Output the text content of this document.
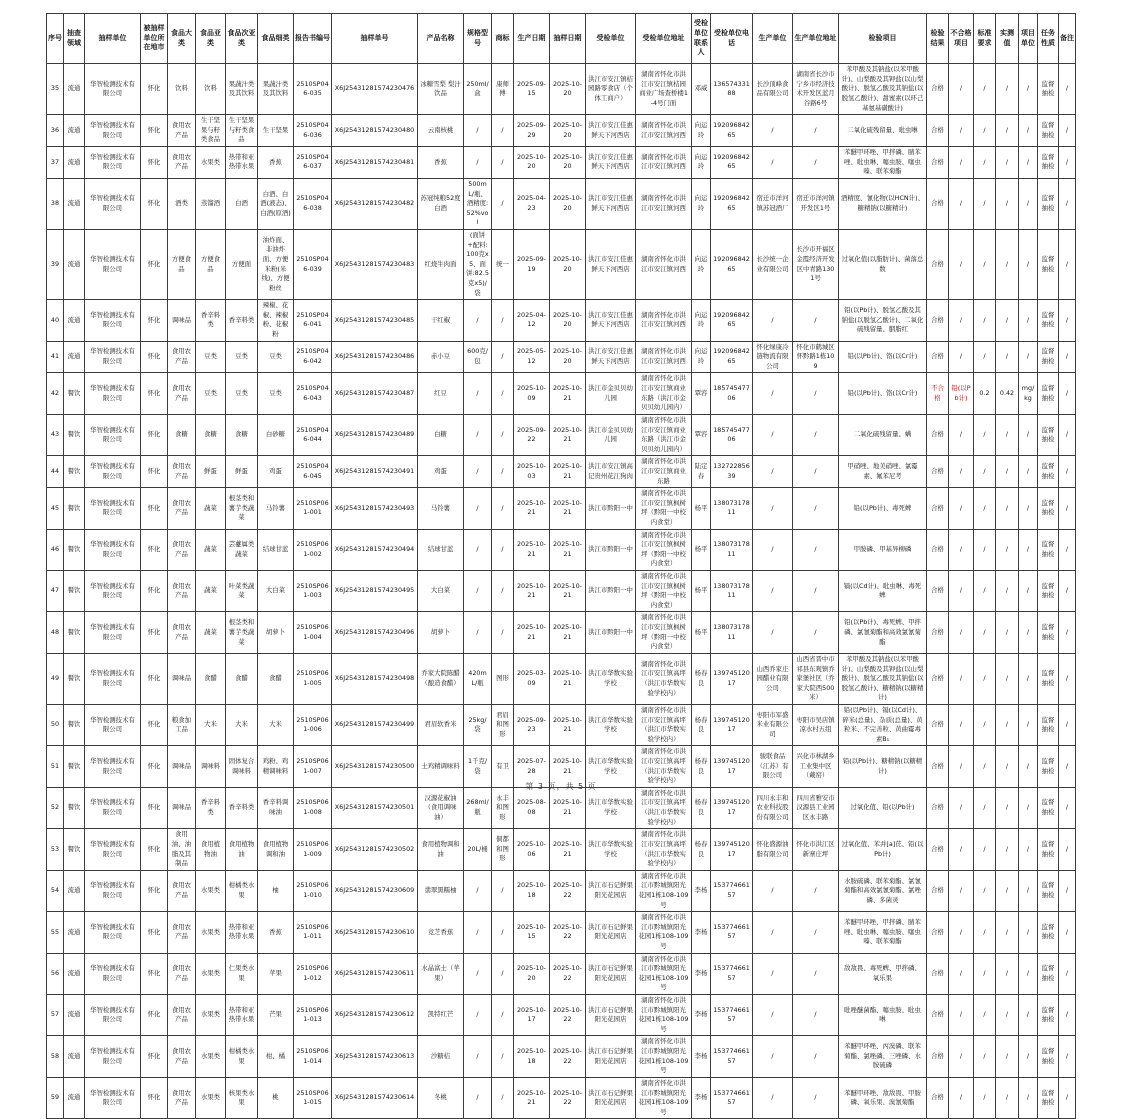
序号	抽查领域	抽样单位	被抽样单位所在地市	食品大类	食品亚类	食品次亚类	食品细类	报告书编号	抽样单号	产品名称	规格型号	商标	生产日期	抽样日期	受检单位	受检单位地址	受检单位联系人	受检单位电话	生产单位	生产单位地址	检验项目	检验结果	不合格项目	标准要求	实测值	项目单位	任务性质	备注
35	流通	华智检测技术有限公司	怀化	饮料	饮料	果蔬汁类及其饮料	果蔬汁类及其饮料	2510SP046-035	X6J25431281574230476	冰糖雪梨 梨汁饮品	250ml/盒	康师傅	2025-09-15	2025-10-20	洪江市安江镇桔园路零食店（个体工商户）	湖南省怀化市洪江市安江镇桔园商业广场查桥楼1-4号门面	邓威	13657433188	长沙顶峰食品有限公司	湖南省长沙市宁乡市经济技术开发区蓝月谷路6号	苯甲酸及其钠盐(以苯甲酸计)、山梨酸及其钾盐(以山梨酸计)、脱氢乙酸及其钠盐(以脱氢乙酸计)、甜蜜素(以环己基氨基磺酸计)	合格	/	/	/	/	监督抽检	/
36	流通	华智检测技术有限公司	怀化	食用农产品	生干坚果与籽类食品	生干坚果与籽类食品	生干坚果	2510SP046-036	X6J25431281574230480	云南核桃	/	/	2025-09-29	2025-10-20	洪江市安江佳惠鲜天下河西店	湖南省怀化市洪江市安江镇河西	向运玲	19209684265	/	/	二氧化硫残留量、吡虫啉	合格	/	/	/	/	监督抽检	/
37	流通	华智检测技术有限公司	怀化	食用农产品	水果类	热带和亚热带水果	香蕉	2510SP046-037	X6J25431281574230481	香蕉	/	/	2025-10-20	2025-10-20	洪江市安江佳惠鲜天下河西店	湖南省怀化市洪江市安江镇河西	向运玲	19209684265	/	/	苯醚甲环唑、甲拌磷、腈苯唑、吡虫啉、噻虫胺、噻虫嗪、联苯菊酯	合格	/	/	/	/	监督抽检	/
38	流通	华智检测技术有限公司	怀化	酒类	蒸馏酒	白酒	白酒、白酒(液态)、白酒(原酒)	2510SP046-038	X6J25431281574230482	苏冠纯粮52度白酒	500mL/瓶、酒精度:52%vol	/	2025-04-23	2025-10-20	洪江市安江佳惠鲜天下河西店	湖南省怀化市洪江市安江镇河西	向运玲	19209684265	宿迁市洋河镇苏冠酒厂	宿迁市洋河镇开发区1号	酒精度、氰化物(以HCN计)、糖精钠(以糖精计)	合格	/	/	/	/	监督抽检	/
39	流通	华智检测技术有限公司	怀化	方便食品	方便食品	方便面	油炸面、非油炸面、方便米粉(米线)、方便粉丝	2510SP046-039	X6J25431281574230483	红烧牛肉面	(面饼+配料:100克x5、面饼:82.5克x5)/袋	统一	2025-09-19	2025-10-20	洪江市安江佳惠鲜天下河西店	湖南省怀化市洪江市安江镇河西	向运玲	19209684265	长沙统一企业有限公司	长沙市开福区金霞经济开发区中青路1301号	过氧化值(以脂肪计)、菌落总数	合格	/	/	/	/	监督抽检	/
40	流通	华智检测技术有限公司	怀化	调味品	香辛料类	香辛料类	辣椒、花椒、辣椒粉、花椒粉	2510SP046-041	X6J25431281574230485	干红椒	/	/	2025-04-12	2025-10-20	洪江市安江佳惠鲜天下河西店	湖南省怀化市洪江市安江镇河西	向运玲	19209684265	/	/	铅(以Pb计)、脱氢乙酸及其钠盐(以脱氢乙酸计)、二氧化硫残留量、胭脂红	合格	/	/	/	/	监督抽检	/
41	流通	华智检测技术有限公司	怀化	食用农产品	豆类	豆类	豆类	2510SP046-042	X6J25431281574230486	赤小豆	600克/包	/	2025-05-12	2025-10-20	洪江市安江佳惠鲜天下河西店	湖南省怀化市洪江市安江镇河西	向运玲	19209684265	怀化绿康冷链物流有限公司	怀化市鹤城区怀黔路1栋109	铅(以Pb计)、铬(以Cr计)	合格	/	/	/	/	监督抽检	/
42	餐饮	华智检测技术有限公司	怀化	食用农产品	豆类	豆类	豆类	2510SP046-043	X6J25431281574230487	红豆	/	/	2025-10-09	2025-10-21	洪江市金贝贝幼儿园	湖南省怀化市洪江市安江镇商业东路（洪江市金贝贝幼儿园内）	覃容	18574547706	/	/	铅(以Pb计)、铬(以Cr计)	不合格	铅(以Pb计)	0.2	0.42	mg/kg	监督抽检	/
43	餐饮	华智检测技术有限公司	怀化	食糖	食糖	食糖	白砂糖	2510SP046-044	X6J25431281574230489	白糖	/	/	2025-09-22	2025-10-21	洪江市金贝贝幼儿园	湖南省怀化市洪江市安江镇商业东路（洪江市金贝贝幼儿园内）	覃容	18574547706	/	/	二氧化硫残留量、螨	合格	/	/	/	/	监督抽检	/
44	餐饮	华智检测技术有限公司	怀化	食用农产品	鲜蛋	鲜蛋	鸡蛋	2510SP046-045	X6J25431281574230491	鸡蛋	/	/	2025-10-03	2025-10-21	洪江市安江镇高记贵州花江狗肉	湖南省怀化市洪江市安江镇商业东路	陆定春	13272285639	/	/	甲硝唑、地美硝唑、氯霉素、氟苯尼考	合格	/	/	/	/	监督抽检	/
45	餐饮	华智检测技术有限公司	怀化	食用农产品	蔬菜	根茎类和薯芋类蔬菜	马铃薯	2510SP061-001	X6J25431281574230493	马铃薯	/	/	2025-10-21	2025-10-21	洪江市黔阳一中	湖南省怀化市洪江市安江镇枫树坪（黔阳一中校内食堂）	杨平	13807317811	/	/	铅(以Pb计)、毒死蜱	合格	/	/	/	/	监督抽检	/
46	餐饮	华智检测技术有限公司	怀化	食用农产品	蔬菜	芸薹属类蔬菜	结球甘蓝	2510SP061-002	X6J25431281574230494	结球甘蓝	/	/	2025-10-21	2025-10-21	洪江市黔阳一中	湖南省怀化市洪江市安江镇枫树坪（黔阳一中校内食堂）	杨平	13807317811	/	/	甲胺磷、甲基异柳磷	合格	/	/	/	/	监督抽检	/
47	餐饮	华智检测技术有限公司	怀化	食用农产品	蔬菜	叶菜类蔬菜	大白菜	2510SP061-003	X6J25431281574230495	大白菜	/	/	2025-10-21	2025-10-21	洪江市黔阳一中	湖南省怀化市洪江市安江镇枫树坪（黔阳一中校内食堂）	杨平	13807317811	/	/	镉(以Cd计)、吡虫啉、毒死蜱	合格	/	/	/	/	监督抽检	/
48	餐饮	华智检测技术有限公司	怀化	食用农产品	蔬菜	根茎类和薯芋类蔬菜	胡萝卜	2510SP061-004	X6J25431281574230496	胡萝卜	/	/	2025-10-21	2025-10-21	洪江市黔阳一中	湖南省怀化市洪江市安江镇枫树坪（黔阳一中校内食堂）	杨平	13807317811	/	/	铅(以Pb计)、毒死蜱、甲拌磷、氯氰菊酯和高效氯氰菊酯	合格	/	/	/	/	监督抽检	/
49	餐饮	华智检测技术有限公司	怀化	调味品	食醋	食醋	食醋	2510SP061-005	X6J25431281574230498	乔家大院陈醋（酿造食醋）	420mL/瓶	图形	2025-03-09	2025-10-21	洪江市华数实验学校	湖南省怀化市洪江市安江镇高坪（洪江市华数实验学校内）	杨春良	13974512017	山西乔家庄园醋业有限公司	山西省晋中市祁县东观镇乔家堡社区（乔家大院西500米）	苯甲酸及其钠盐(以苯甲酸计)、山梨酸及其钾盐(以山梨酸计)、脱氢乙酸及其钠盐(以脱氢乙酸计)、糖精钠(以糖精计)	合格	/	/	/	/	监督抽检	/
50	餐饮	华智检测技术有限公司	怀化	粮食加工品	大米	大米	大米	2510SP061-006	X6J25431281574230499	君眉软香米	25kg/袋	君眉和图形	2025-09-23	2025-10-21	洪江市华数实验学校	湖南省怀化市洪江市安江镇高坪（洪江市华数实验学校内）	杨春良	13974512017	枣阳市军盛米业有限公司	枣阳市吴店镇凉水村五组	铅(以Pb计)、镉(以Cd计)、碎米(总量)、杂质(总量)、黄粒米、不完善粒、黄曲霉毒素B₁	合格	/	/	/	/	监督抽检	/
51	餐饮	华智检测技术有限公司	怀化	调味品	调味料	固体复合调味料	鸡粉、鸡精调味料	2510SP061-007	X6J25431281574230500	土鸡精调味料	1千克/袋	有卫	2025-07-28	2025-10-21	洪江市华数实验学校	湖南省怀化市洪江市安江镇高坪（洪江市华数实验学校内）	杨春良	13974512017	骏联食品（江苏）有限公司	兴化市林湖乡工业集中区（戴窑）	铅(以Pb计)、糖精钠(以糖精计)	合格	/	/	/	/	监督抽检	/
52	餐饮	华智检测技术有限公司	怀化	调味品	香辛料类	香辛料类	香辛料调味油	2510SP061-008	X6J25431281574230501	汉源花椒油（食用调味油）	268ml/瓶	永丰和图形	2025-08-08	2025-10-21	洪江市华数实验学校	湖南省怀化市洪江市安江镇高坪（洪江市华数实验学校内）	杨春良	13974512017	四川永丰和农业科技股份有限公司	四川省雅安市汉源县工业园区永丰路	过氧化值、铅(以Pb计)	合格	/	/	/	/	监督抽检	/
53	餐饮	华智检测技术有限公司	怀化	食用油、油脂及其制品	食用植物油	食用植物油	食用植物调和油	2510SP061-009	X6J25431281574230502	食用植物调和油	20L/桶	侗都和图形	2025-10-06	2025-10-21	洪江市华数实验学校	湖南省怀化市洪江市安江镇高坪（洪江市华数实验学校内）	杨春良	13974512017	怀化盛源油脂有限公司	怀化市洪江区新寨庄坪	过氧化值、苯并[a]芘、铅(以Pb计)	合格	/	/	/	/	监督抽检	/
54	流通	华智检测技术有限公司	怀化	食用农产品	水果类	柑橘类水果	柚	2510SP061-010	X6J25431281574230609	翡翠黑糯柚	/	/	2025-10-18	2025-10-22	洪江市石记鲜果阳光花园店	湖南省怀化市洪江市黔城镇阳光花园1栋108-109号	李杨	15377466157	/	/	水胺硫磷、联苯菊酯、氯氰菊酯和高效氯氰菊酯、氯唑磷、多菌灵	合格	/	/	/	/	监督抽检	/
55	流通	华智检测技术有限公司	怀化	食用农产品	水果类	热带和亚热带水果	香蕉	2510SP061-011	X6J25431281574230610	竞芝香蕉	/	/	2025-10-15	2025-10-22	洪江市石记鲜果阳光花园店	湖南省怀化市洪江市黔城镇阳光花园1栋108-109号	李杨	15377466157	/	/	苯醚甲环唑、甲拌磷、腈苯唑、吡虫啉、噻虫胺、噻虫嗪、联苯菊酯	合格	/	/	/	/	监督抽检	/
56	流通	华智检测技术有限公司	怀化	食用农产品	水果类	仁果类水果	苹果	2510SP061-012	X6J25431281574230611	水晶富士（苹果）	/	/	2025-10-20	2025-10-22	洪江市石记鲜果阳光花园店	湖南省怀化市洪江市黔城镇阳光花园1栋108-109号	李杨	15377466157	/	/	敌敌畏、毒死蜱、甲拌磷、氧乐果	合格	/	/	/	/	监督抽检	/
57	流通	华智检测技术有限公司	怀化	食用农产品	水果类	热带和亚热带水果	芒果	2510SP061-013	X6J25431281574230612	凯特红芒	/	/	2025-10-17	2025-10-22	洪江市石记鲜果阳光花园店	湖南省怀化市洪江市黔城镇阳光花园1栋108-109号	李杨	15377466157	/	/	吡唑醚菌酯、噻虫胺、吡虫啉	合格	/	/	/	/	监督抽检	/
58	流通	华智检测技术有限公司	怀化	食用农产品	水果类	柑橘类水果	柑、橘	2510SP061-014	X6J25431281574230613	沙糖桔	/	/	2025-10-18	2025-10-22	洪江市石记鲜果阳光花园店	湖南省怀化市洪江市黔城镇阳光花园1栋108-109号	李杨	15377466157	/	/	苯醚甲环唑、丙溴磷、联苯菊酯、氯唑磷、三唑磷、水胺硫磷	合格	/	/	/	/	监督抽检	/
59	流通	华智检测技术有限公司	怀化	食用农产品	水果类	核果类水果	桃	2510SP061-015	X6J25431281574230614	冬桃	/	/	2025-10-21	2025-10-22	洪江市石记鲜果阳光花园店	湖南省怀化市洪江市黔城镇阳光花园1栋108-109号	李杨	15377466157	/	/	苯醚甲环唑、敌敌畏、甲胺磷、氧乐果、溴氰菊酯	合格	/	/	/	/	监督抽检	/
第 3 页，共 5 页
